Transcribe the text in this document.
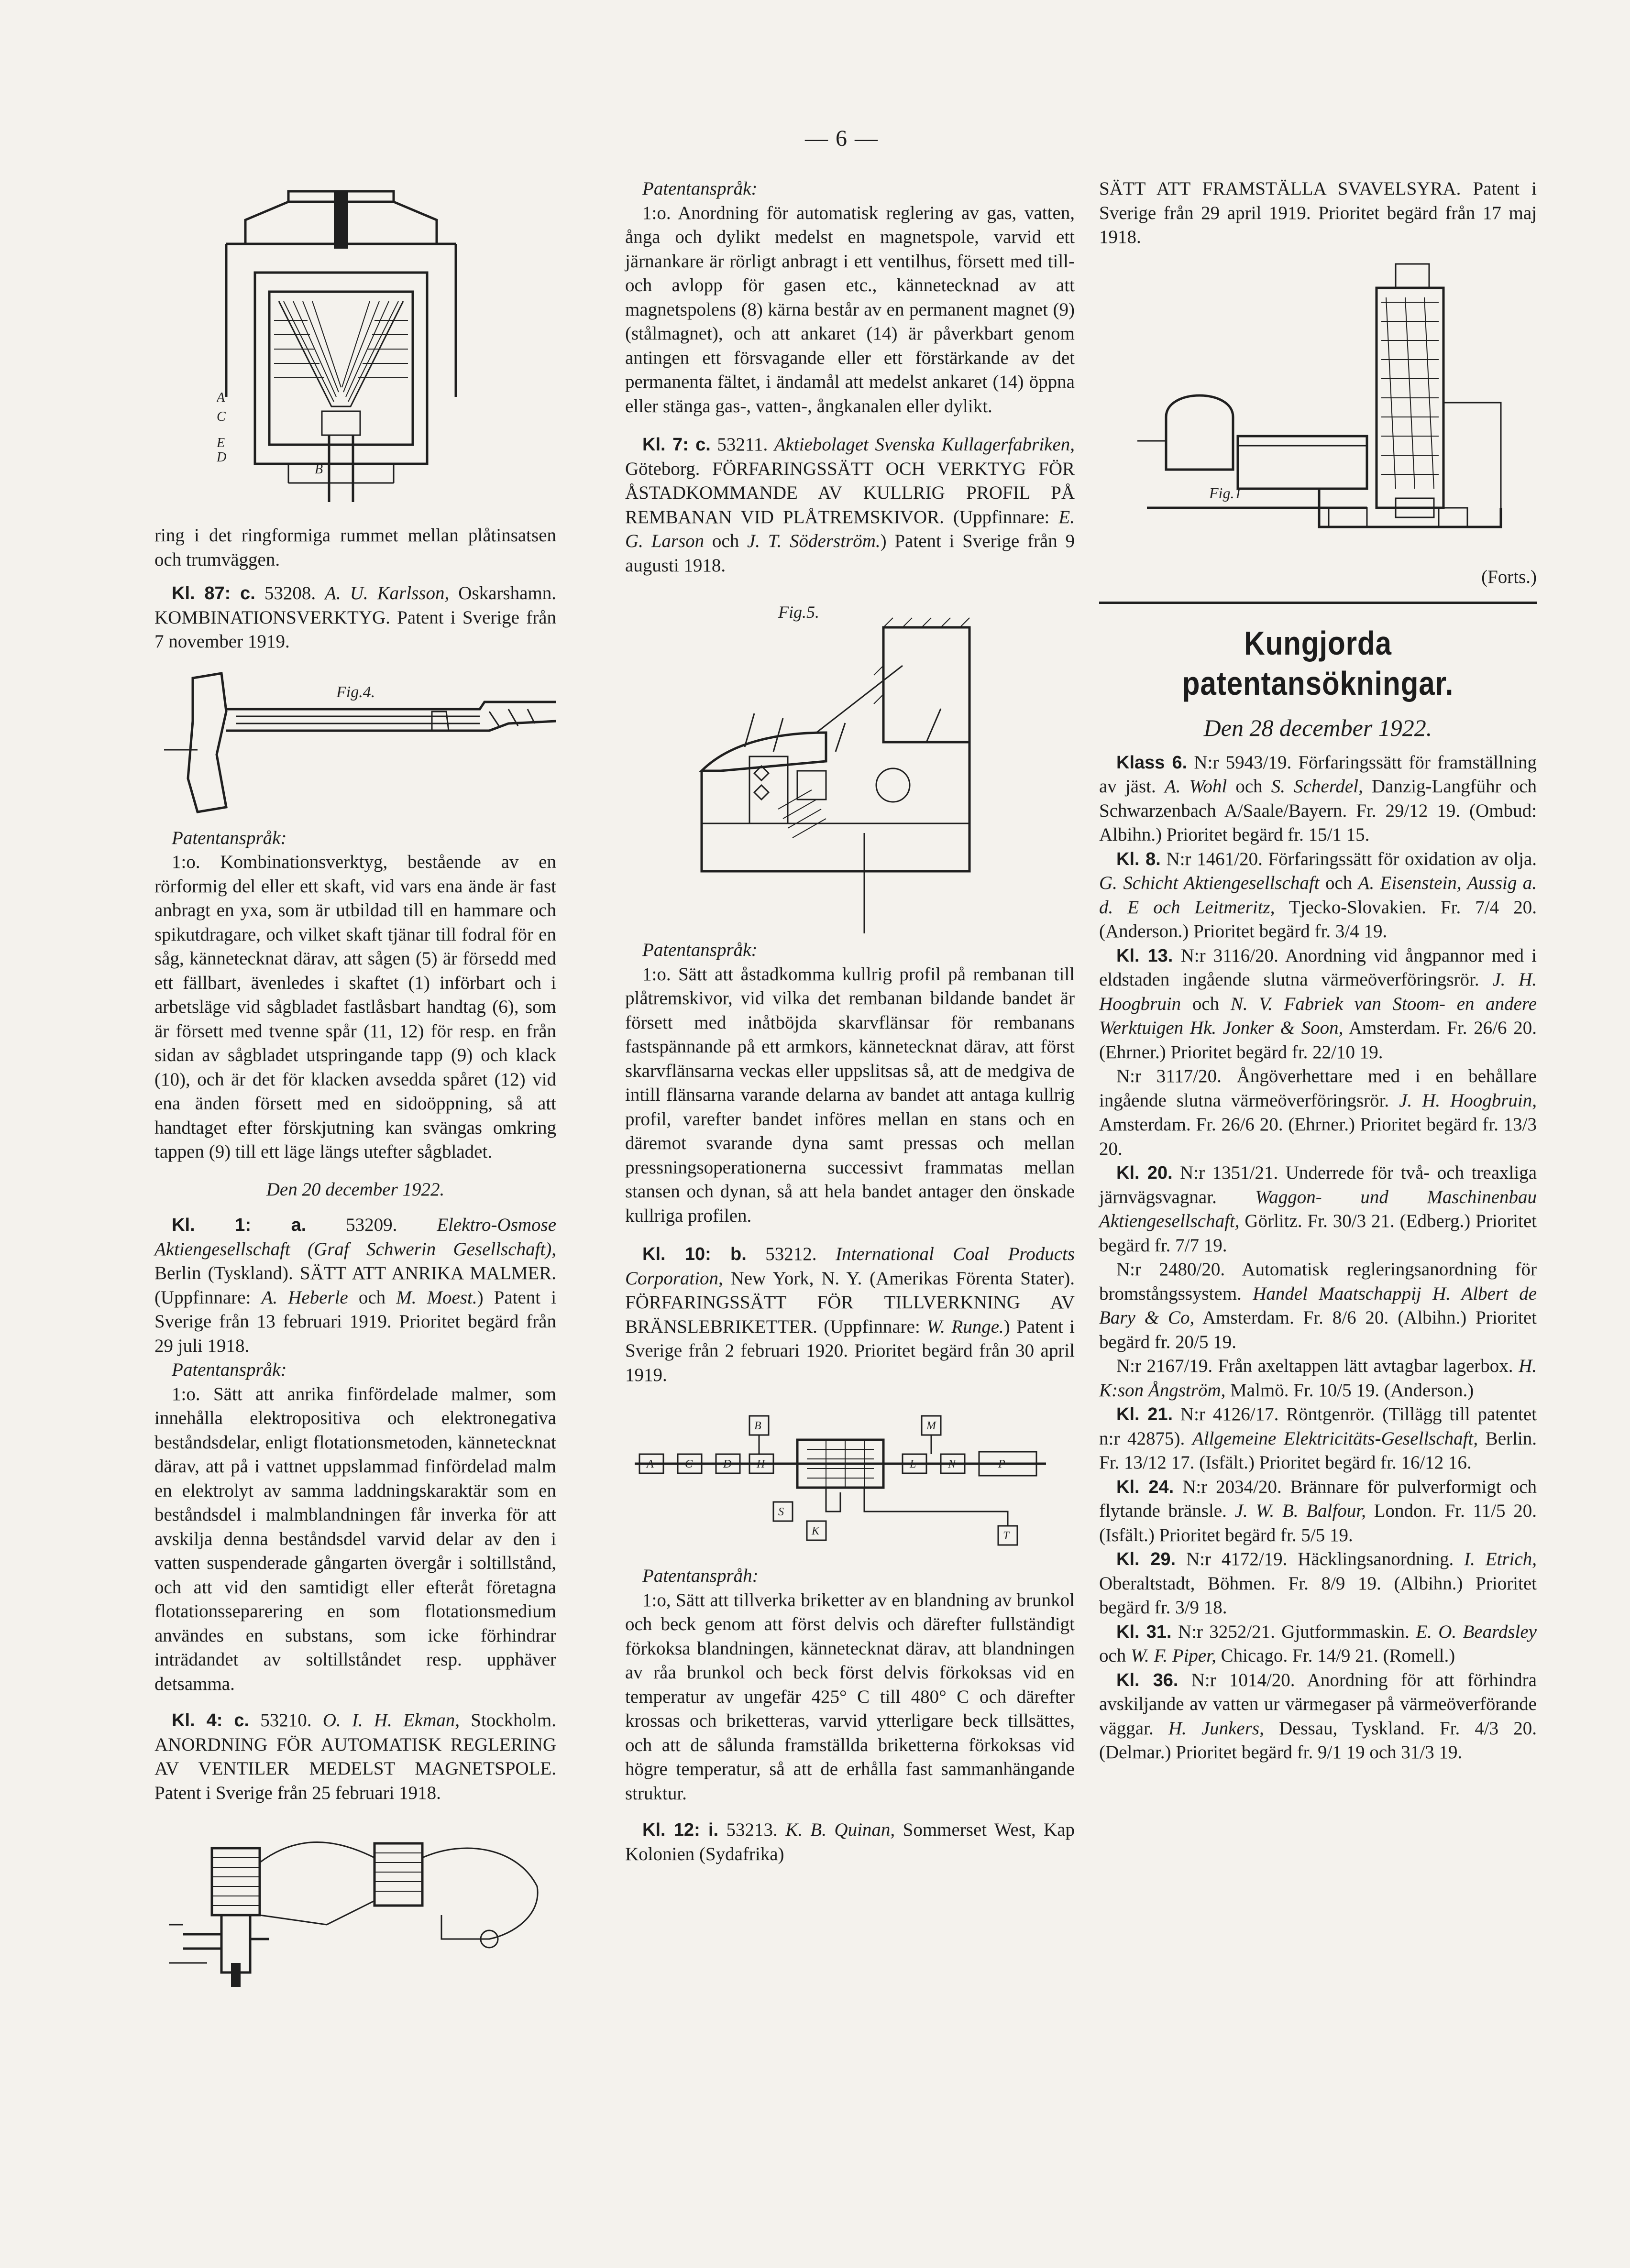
— 6 —
A
C
E
D
B

ring i det ringformiga rummet mellan plåtinsatsen och trumväggen.

Kl. 87: c. 53208. A. U. Karlsson, Oskarshamn. KOMBINATIONSVERKTYG. Patent i Sverige från 7 november 1919.

Fig.4.

Patentanspråk:

1:o. Kombinationsverktyg, bestående av en rörformig del eller ett skaft, vid vars ena ände är fast anbragt en yxa, som är utbildad till en hammare och spikutdragare, och vilket skaft tjänar till fodral för en såg, kännetecknat därav, att sågen (5) är försedd med ett fällbart, ävenledes i skaftet (1) införbart och i arbetsläge vid sågbladet fastlåsbart handtag (6), som är försett med tvenne spår (11, 12) för resp. en från sidan av sågbladet utspringande tapp (9) och klack (10), och är det för klacken avsedda spåret (12) vid ena änden försett med en sidoöppning, så att handtaget efter förskjutning kan svängas omkring tappen (9) till ett läge längs utefter sågbladet.

Den 20 december 1922.

Kl. 1: a. 53209. Elektro-Osmose Aktiengesellschaft (Graf Schwerin Gesellschaft), Berlin (Tyskland). SÄTT ATT ANRIKA MALMER. (Uppfinnare: A. Heberle och M. Moest.) Patent i Sverige från 13 februari 1919. Prioritet begärd från 29 juli 1918.

Patentanspråk:

1:o. Sätt att anrika finfördelade malmer, som innehålla elektropositiva och elektronegativa beståndsdelar, enligt flotationsmetoden, kännetecknat därav, att på i vattnet uppslammad finfördelad malm en elektrolyt av samma laddningskaraktär som en beståndsdel i malmblandningen får inverka för att avskilja denna beståndsdel varvid delar av den i vatten suspenderade gångarten övergår i soltillstånd, och att vid den samtidigt eller efteråt företagna flotationsseparering en som flotationsmedium användes en substans, som icke förhindrar inträdandet av soltillståndet resp. upphäver detsamma.

Kl. 4: c. 53210. O. I. H. Ekman, Stockholm. ANORDNING FÖR AUTOMATISK REGLERING AV VENTILER MEDELST MAGNETSPOLE. Patent i Sverige från 25 februari 1918.

Patentanspråk:

1:o. Anordning för automatisk reglering av gas, vatten, ånga och dylikt medelst en magnetspole, varvid ett järnankare är rörligt anbragt i ett ventilhus, försett med till- och avlopp för gasen etc., kännetecknad av att magnetspolens (8) kärna består av en permanent magnet (9) (stålmagnet), och att ankaret (14) är påverkbart genom antingen ett försvagande eller ett förstärkande av det permanenta fältet, i ändamål att medelst ankaret (14) öppna eller stänga gas-, vatten-, ångkanalen eller dylikt.

Kl. 7: c. 53211. Aktiebolaget Svenska Kullagerfabriken, Göteborg. FÖRFARINGSSÄTT OCH VERKTYG FÖR ÅSTADKOMMANDE AV KULLRIG PROFIL PÅ REMBANAN VID PLÅTREMSKIVOR. (Uppfinnare: E. G. Larson och J. T. Söderström.) Patent i Sverige från 9 augusti 1918.

Fig.5.

Patentanspråk:

1:o. Sätt att åstadkomma kullrig profil på rembanan till plåtremskivor, vid vilka det rembanan bildande bandet är försett med inåtböjda skarvflänsar för rembanans fastspännande på ett armkors, kännetecknat därav, att först skarvflänsarna veckas eller uppslitsas så, att de medgiva de intill flänsarna varande delarna av bandet att antaga kullrig profil, varefter bandet införes mellan en stans och en däremot svarande dyna samt pressas och mellan pressningsoperationerna successivt frammatas mellan stansen och dynan, så att hela bandet antager den önskade kullriga profilen.

Kl. 10: b. 53212. International Coal Products Corporation, New York, N. Y. (Amerikas Förenta Stater). FÖRFARINGSSÄTT FÖR TILLVERKNING AV BRÄNSLEBRIKETTER. (Uppfinnare: W. Runge.) Patent i Sverige från 2 februari 1920. Prioritet begärd från 30 april 1919.

B	M
A	C	L	N
D
S
H	P
K	T

Patentanspråh:

1:o, Sätt att tillverka briketter av en blandning av brunkol och beck genom att först delvis och därefter fullständigt förkoksa blandningen, kännetecknat därav, att blandningen av råa brunkol och beck först delvis förkoksas vid en temperatur av ungefär 425° C till 480° C och därefter krossas och briketteras, varvid ytterligare beck tillsättes, och att de sålunda framställda briketterna förkoksas vid högre temperatur, så att de erhålla fast sammanhängande struktur.

Kl. 12: i. 53213. K. B. Quinan, Sommerset West, Kap Kolonien (Sydafrika)

SÄTT ATT FRAMSTÄLLA SVAVELSYRA. Patent i Sverige från 29 april 1919. Prioritet begärd från 17 maj 1918.

Fig.1

(Forts.)

Kungjorda patentansökningar.

Den 28 december 1922.

Klass 6. N:r 5943/19. Förfaringssätt för framställning av jäst. A. Wohl och S. Scherdel, Danzig-Langführ och Schwarzenbach A/Saale/Bayern. Fr. 29/12 19. (Ombud: Albihn.) Prioritet begärd fr. 15/1 15.

Kl. 8. N:r 1461/20. Förfaringssätt för oxidation av olja. G. Schicht Aktiengesellschaft och A. Eisenstein, Aussig a. d. E och Leitmeritz, Tjecko-Slovakien. Fr. 7/4 20. (Anderson.) Prioritet begärd fr. 3/4 19.

Kl. 13. N:r 3116/20. Anordning vid ångpannor med i eldstaden ingående slutna värmeöverföringsrör. J. H. Hoogbruin och N. V. Fabriek van Stoom- en andere Werktuigen Hk. Jonker & Soon, Amsterdam. Fr. 26/6 20. (Ehrner.) Prioritet begärd fr. 22/10 19.

N:r 3117/20. Ångöverhettare med i en behållare ingående slutna värmeöverföringsrör. J. H. Hoogbruin, Amsterdam. Fr. 26/6 20. (Ehrner.) Prioritet begärd fr. 13/3 20.

Kl. 20. N:r 1351/21. Underrede för två- och treaxliga järnvägsvagnar. Waggon- und Maschinenbau Aktiengesellschaft, Görlitz. Fr. 30/3 21. (Edberg.) Prioritet begärd fr. 7/7 19.

N:r 2480/20. Automatisk regleringsanordning för bromstångssystem. Handel Maatschappij H. Albert de Bary & Co, Amsterdam. Fr. 8/6 20. (Albihn.) Prioritet begärd fr. 20/5 19.

N:r 2167/19. Från axeltappen lätt avtagbar lagerbox. H. K:son Ångström, Malmö. Fr. 10/5 19. (Anderson.)

Kl. 21. N:r 4126/17. Röntgenrör. (Tillägg till patentet n:r 42875). Allgemeine Elektricitäts-Gesellschaft, Berlin. Fr. 13/12 17. (Isfält.) Prioritet begärd fr. 16/12 16.

Kl. 24. N:r 2034/20. Brännare för pulverformigt och flytande bränsle. J. W. B. Balfour, London. Fr. 11/5 20. (Isfält.) Prioritet begärd fr. 5/5 19.

Kl. 29. N:r 4172/19. Häcklingsanordning. I. Etrich, Oberaltstadt, Böhmen. Fr. 8/9 19. (Albihn.) Prioritet begärd fr. 3/9 18.

Kl. 31. N:r 3252/21. Gjutformmaskin. E. O. Beardsley och W. F. Piper, Chicago. Fr. 14/9 21. (Romell.)

Kl. 36. N:r 1014/20. Anordning för att förhindra avskiljande av vatten ur värmegaser på värmeöverförande väggar. H. Junkers, Dessau, Tyskland. Fr. 4/3 20. (Delmar.) Prioritet begärd fr. 9/1 19 och 31/3 19.
